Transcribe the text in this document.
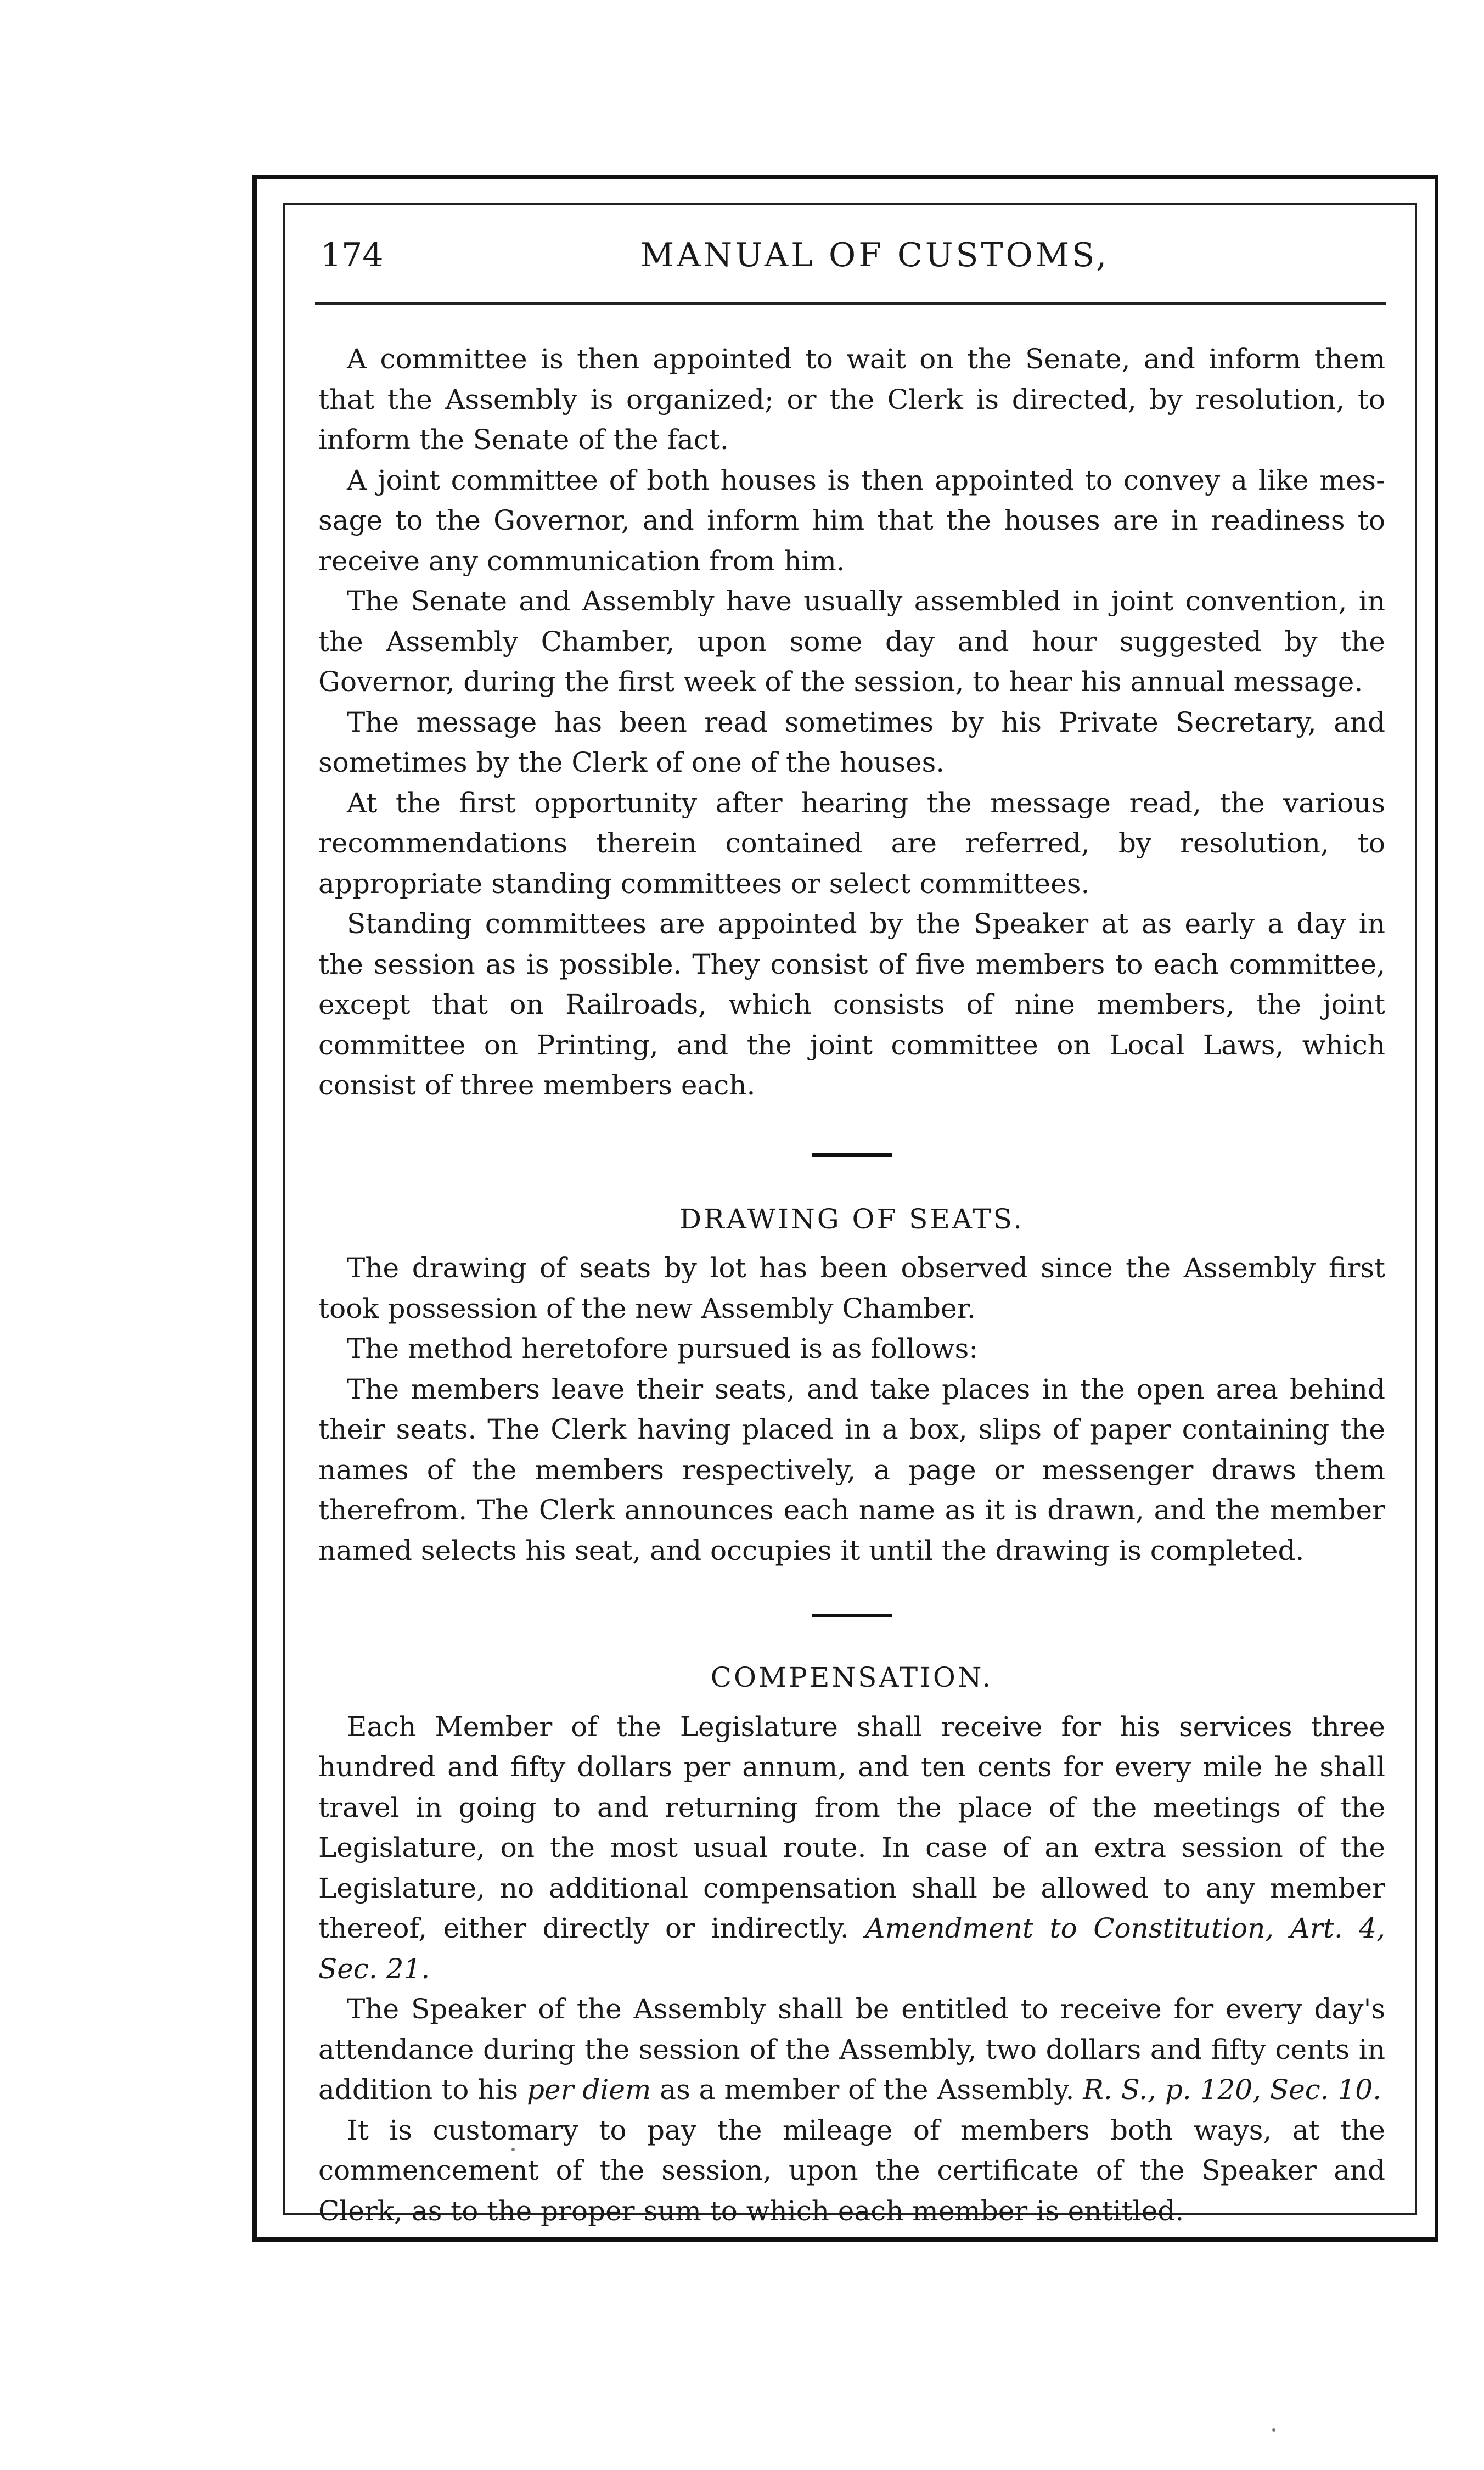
174	MANUAL OF CUSTOMS,

A committee is then appointed to wait on the Senate, and inform them that the Assembly is organized; or the Clerk is directed, by resolution, to inform the Senate of the fact.

A joint committee of both houses is then appointed to convey a like message to the Governor, and inform him that the houses are in readiness to receive any communication from him.

The Senate and Assembly have usually assembled in joint convention, in the Assembly Chamber, upon some day and hour suggested by the Governor, during the first week of the session, to hear his annual message.

The message has been read sometimes by his Private Secretary, and sometimes by the Clerk of one of the houses.

At the first opportunity after hearing the message read, the various recommendations therein contained are referred, by resolution, to appropriate standing committees or select committees.

Standing committees are appointed by the Speaker at as early a day in the session as is possible. They consist of five members to each committee, except that on Railroads, which consists of nine members, the joint committee on Printing, and the joint committee on Local Laws, which consist of three members each.

DRAWING OF SEATS.

The drawing of seats by lot has been observed since the Assembly first took possession of the new Assembly Chamber.

The method heretofore pursued is as follows:

The members leave their seats, and take places in the open area behind their seats. The Clerk having placed in a box, slips of paper containing the names of the members respectively, a page or messenger draws them therefrom. The Clerk announces each name as it is drawn, and the member named selects his seat, and occupies it until the drawing is completed.

COMPENSATION.

Each Member of the Legislature shall receive for his services three hundred and fifty dollars per annum, and ten cents for every mile he shall travel in going to and returning from the place of the meetings of the Legislature, on the most usual route. In case of an extra session of the Legislature, no additional compensation shall be allowed to any member thereof, either directly or indirectly. Amendment to Constitution, Art. 4, Sec. 21.

The Speaker of the Assembly shall be entitled to receive for every day's attendance during the session of the Assembly, two dollars and fifty cents in addition to his per diem as a member of the Assembly. R. S., p. 120, Sec. 10.

It is customary to pay the mileage of members both ways, at the commencement of the session, upon the certificate of the Speaker and Clerk, as to the proper sum to which each member is entitled.
